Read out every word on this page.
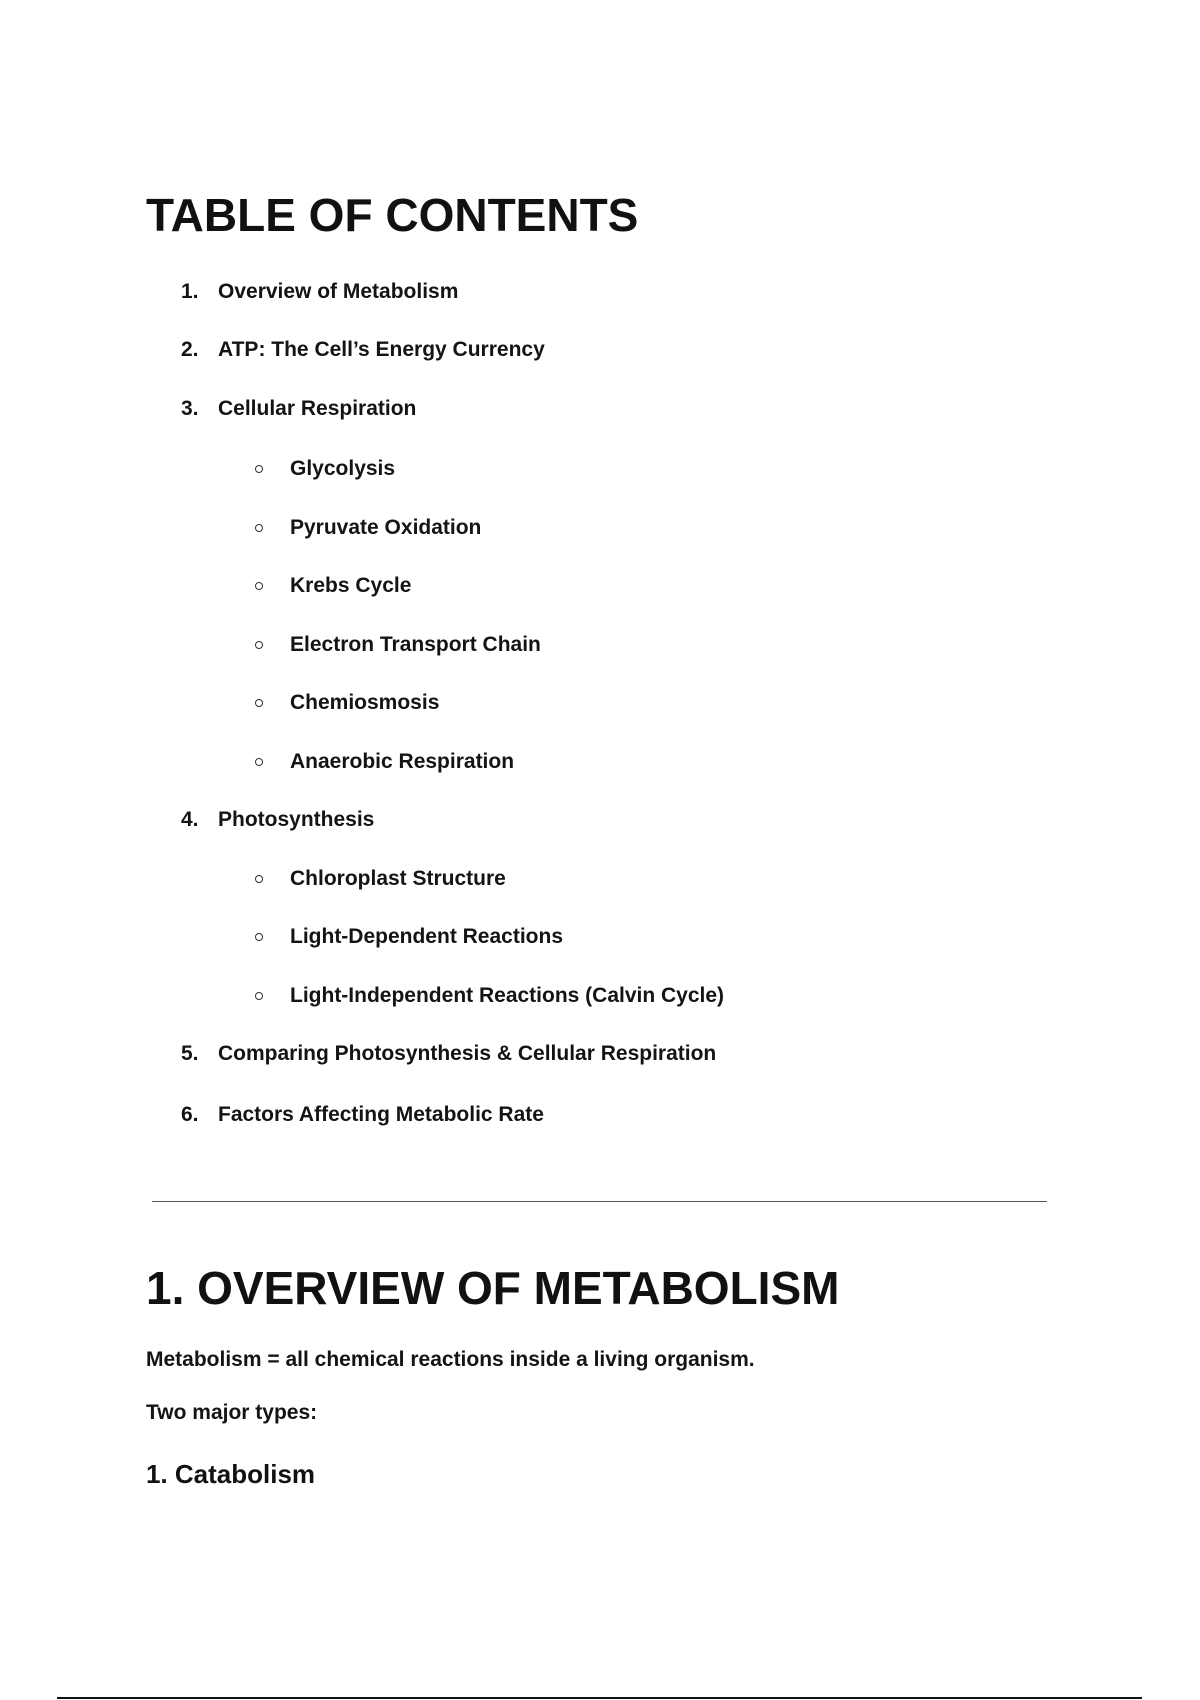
TABLE OF CONTENTS
1. Overview of Metabolism
2. ATP: The Cell’s Energy Currency
3. Cellular Respiration
Glycolysis
Pyruvate Oxidation
Krebs Cycle
Electron Transport Chain
Chemiosmosis
Anaerobic Respiration
4. Photosynthesis
Chloroplast Structure
Light-Dependent Reactions
Light-Independent Reactions (Calvin Cycle)
5. Comparing Photosynthesis & Cellular Respiration
6. Factors Affecting Metabolic Rate
1. OVERVIEW OF METABOLISM

Metabolism = all chemical reactions inside a living organism.

Two major types:

1. Catabolism
